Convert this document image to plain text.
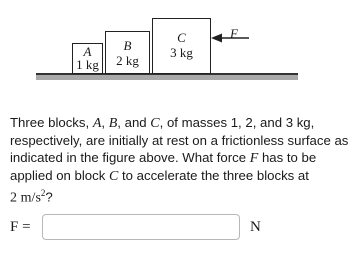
A
1 kg
B
2 kg
C
3 kg
F
Three blocks, A, B, and C, of masses 1, 2, and 3 kg, respectively, are initially at rest on a frictionless surface as indicated in the figure above. What force F has to be applied on block C to accelerate the three blocks at
2 $m/s^2$?
F =	N
